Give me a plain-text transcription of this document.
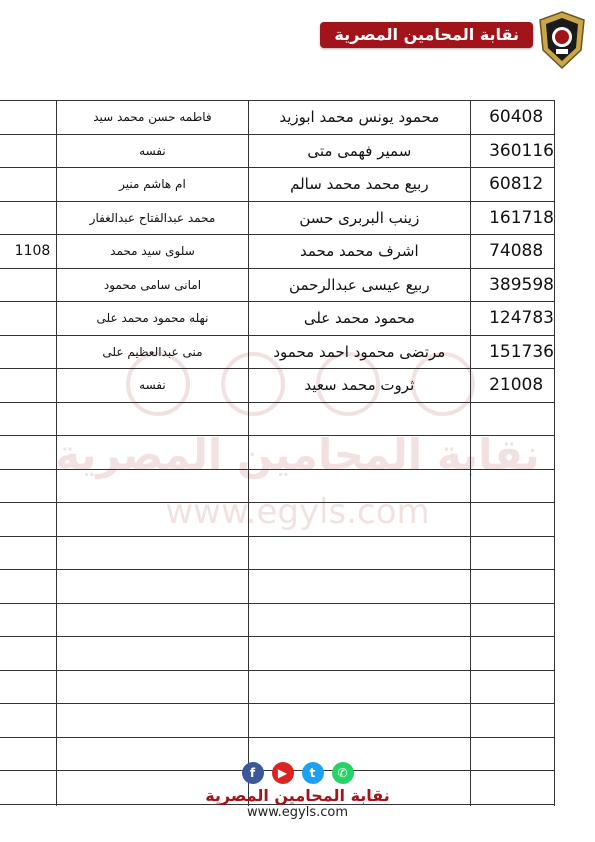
نقابة المحامين المصرية
نقابة المحامين المصرية
www.egyls.com
	فاطمه حسن محمد سيد	محمود يونس محمد ابوزيد	60408
	نفسه	سمير فهمى متى	360116
	ام هاشم منير	ربيع محمد محمد سالم	60812
	محمد عبدالفتاح عبدالغفار	زينب البربرى حسن	161718
1108	سلوى سيد محمد	اشرف محمد محمد	74088
	امانى سامى محمود	ربيع عيسى عبدالرحمن	389598
	نهله محمود محمد على	محمود محمد على	124783
	منى عبدالعظيم على	مرتضى محمود احمد محمود	151736
	نفسه	ثروت محمد سعيد	21008

f	▶	t	✆
نقابة المحامين المصرية
www.egyls.com
